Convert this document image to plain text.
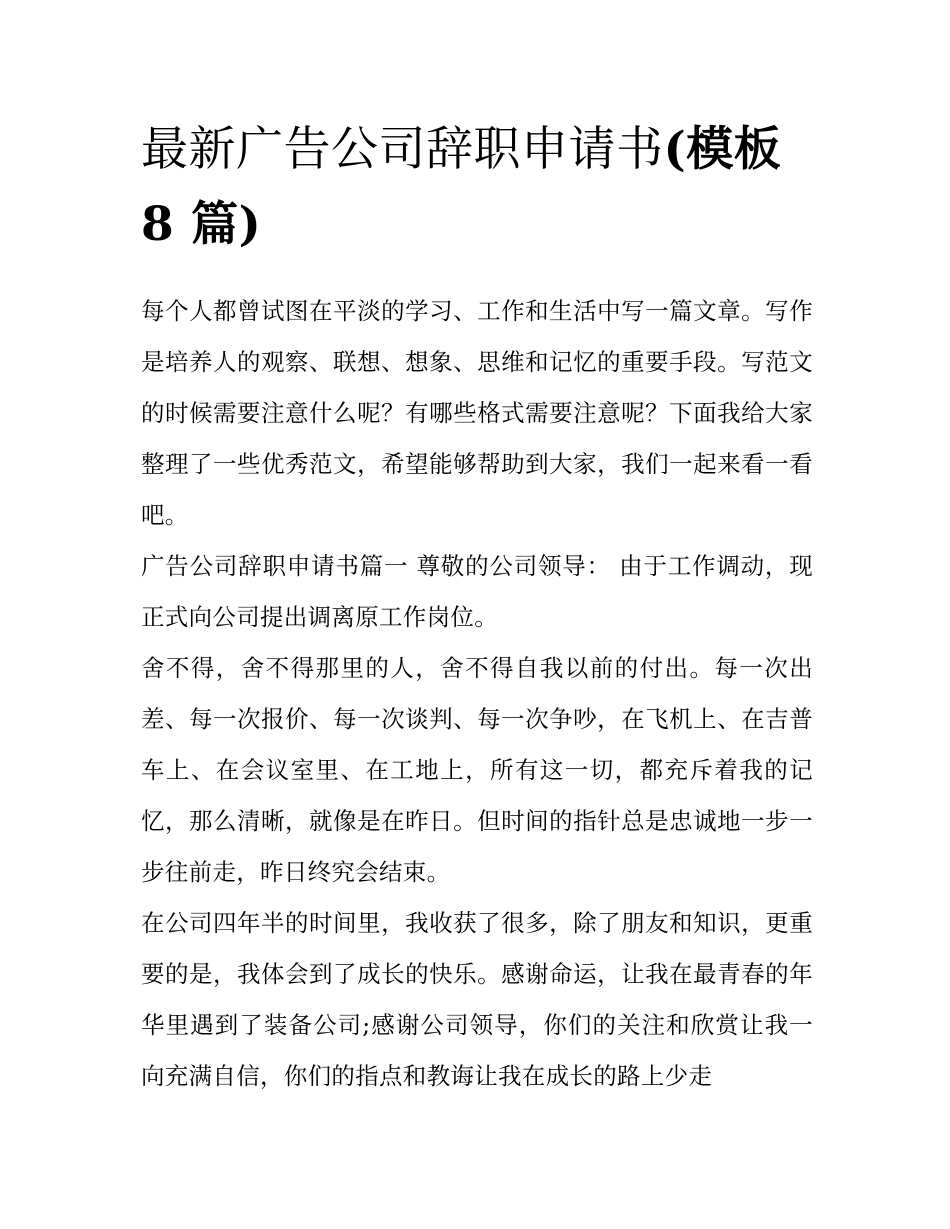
最新广告公司辞职申请书(模板 8 篇)

每个人都曾试图在平淡的学习、工作和生活中写一篇文章。写作是培养人的观察、联想、想象、思维和记忆的重要手段。写范文的时候需要注意什么呢？有哪些格式需要注意呢？下面我给大家整理了一些优秀范文，希望能够帮助到大家，我们一起来看一看吧。

广告公司辞职申请书篇一 尊敬的公司领导： 由于工作调动，现正式向公司提出调离原工作岗位。

舍不得，舍不得那里的人，舍不得自我以前的付出。每一次出差、每一次报价、每一次谈判、每一次争吵，在飞机上、在吉普车上、在会议室里、在工地上，所有这一切，都充斥着我的记忆，那么清晰，就像是在昨日。但时间的指针总是忠诚地一步一步往前走，昨日终究会结束。

在公司四年半的时间里，我收获了很多，除了朋友和知识，更重要的是，我体会到了成长的快乐。感谢命运，让我在最青春的年华里遇到了装备公司;感谢公司领导，你们的关注和欣赏让我一向充满自信，你们的指点和教诲让我在成长的路上少走
